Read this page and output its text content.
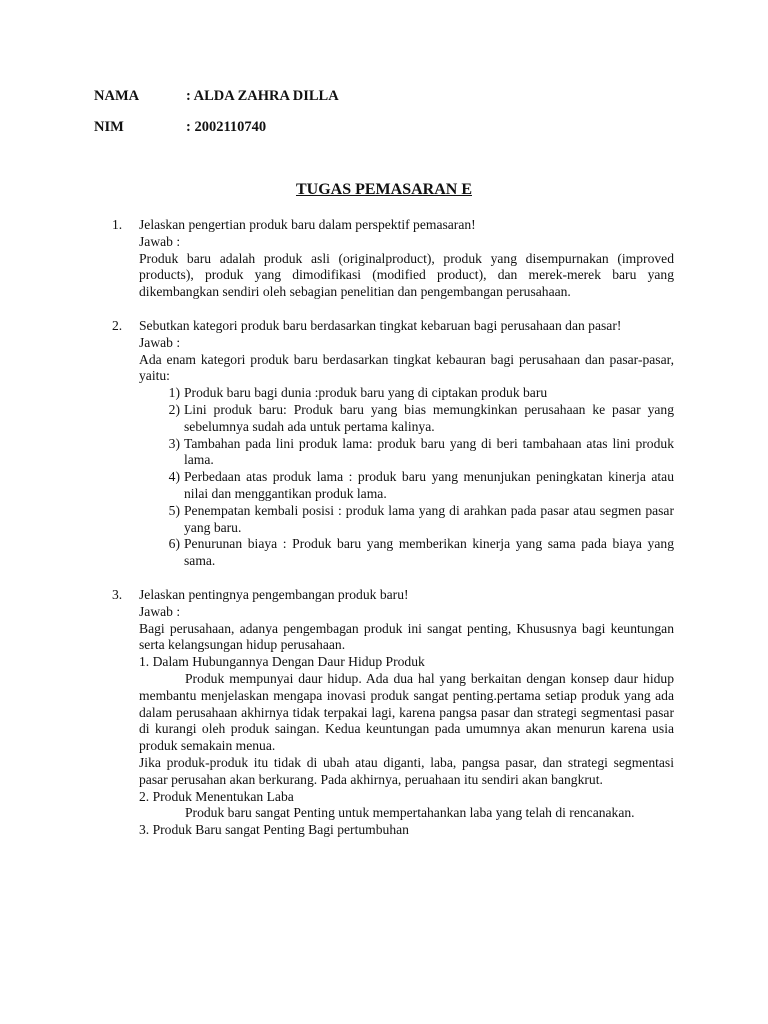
NAMA	: ALDA ZAHRA DILLA
NIM	: 2002110740
TUGAS PEMASARAN E
1.	Jelaskan pengertian produk baru dalam perspektif pemasaran!
Jawab :
Produk baru adalah produk asli (originalproduct), produk yang disempurnakan (improved products), produk yang dimodifikasi (modified product), dan merek-merek baru yang dikembangkan sendiri oleh sebagian penelitian dan pengembangan perusahaan.
2.	Sebutkan kategori produk baru berdasarkan tingkat kebaruan bagi perusahaan dan pasar!
Jawab :
Ada enam kategori produk baru berdasarkan tingkat kebauran bagi perusahaan dan pasar-pasar, yaitu:
1) Produk baru bagi dunia :produk baru yang di ciptakan produk baru
2) Lini produk baru: Produk baru yang bias memungkinkan perusahaan ke pasar yang sebelumnya sudah ada untuk pertama kalinya.
3) Tambahan pada lini produk lama: produk baru yang di beri tambahaan atas lini produk lama.
4) Perbedaan atas produk lama : produk baru yang menunjukan peningkatan kinerja atau nilai dan menggantikan produk lama.
5) Penempatan kembali posisi : produk lama yang di arahkan pada pasar atau segmen pasar yang baru.
6) Penurunan biaya : Produk baru yang memberikan kinerja yang sama pada biaya yang sama.
3.	Jelaskan pentingnya pengembangan produk baru!
Jawab :
Bagi perusahaan, adanya pengembagan produk ini sangat penting, Khususnya bagi keuntungan serta kelangsungan hidup perusahaan.
1. Dalam Hubungannya Dengan Daur Hidup Produk
Produk mempunyai daur hidup. Ada dua hal yang berkaitan dengan konsep daur hidup membantu menjelaskan mengapa inovasi produk sangat penting.pertama setiap produk yang ada dalam perusahaan akhirnya tidak terpakai lagi, karena pangsa pasar dan strategi segmentasi pasar di kurangi oleh produk saingan. Kedua keuntungan pada umumnya akan menurun karena usia produk semakain menua.
Jika produk-produk itu tidak di ubah atau diganti, laba, pangsa pasar, dan strategi segmentasi pasar perusahan akan berkurang. Pada akhirnya, peruahaan itu sendiri akan bangkrut.
2. Produk Menentukan Laba
Produk baru sangat Penting untuk mempertahankan laba yang telah di rencanakan.
3. Produk Baru sangat Penting Bagi pertumbuhan
